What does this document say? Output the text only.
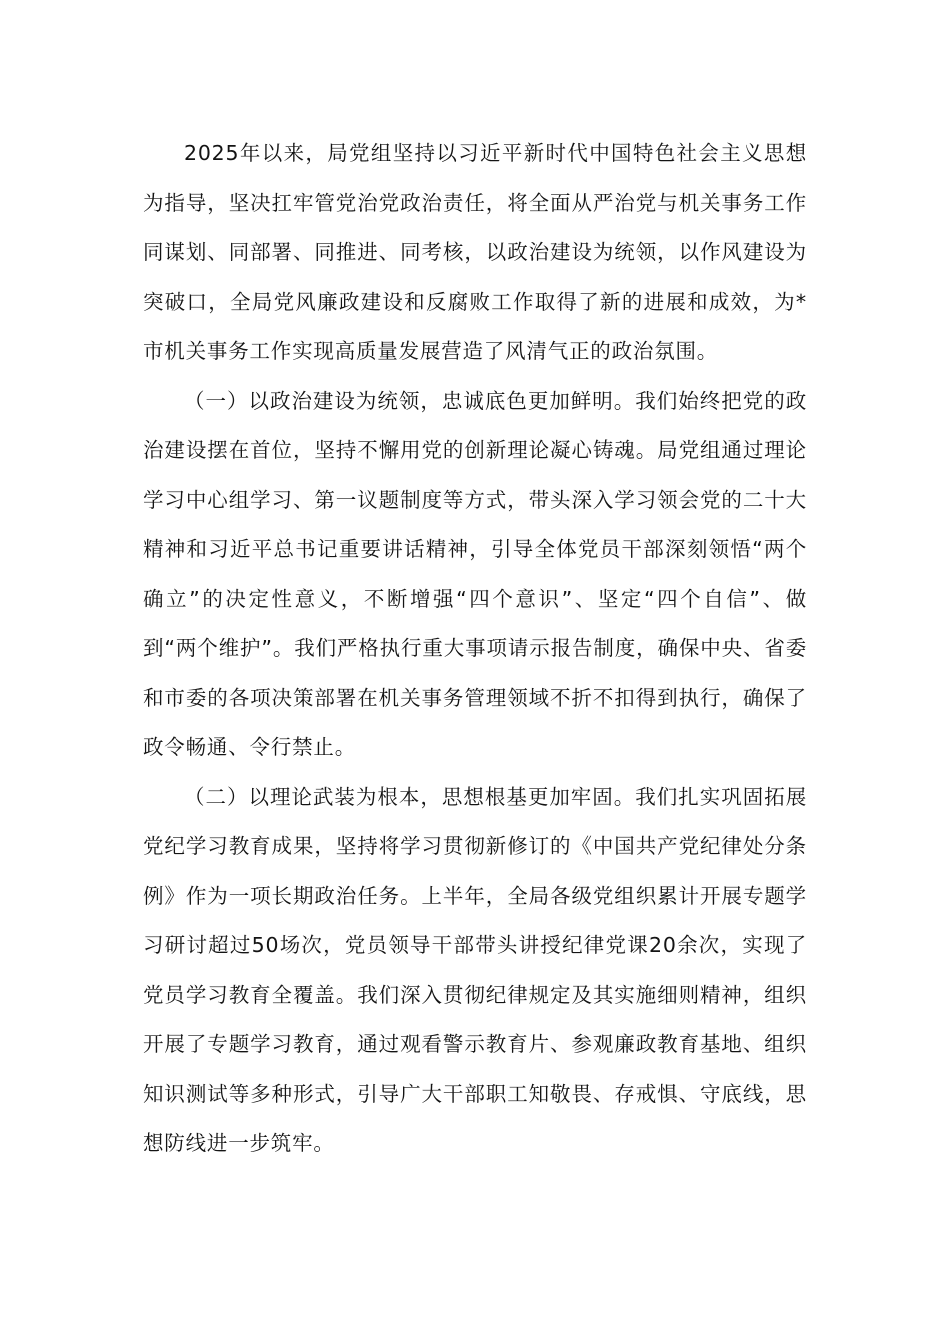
2025年以来，局党组坚持以习近平新时代中国特色社会主义思想为指导，坚决扛牢管党治党政治责任，将全面从严治党与机关事务工作同谋划、同部署、同推进、同考核，以政治建设为统领，以作风建设为突破口，全局党风廉政建设和反腐败工作取得了新的进展和成效，为*市机关事务工作实现高质量发展营造了风清气正的政治氛围。

（一）以政治建设为统领，忠诚底色更加鲜明。我们始终把党的政治建设摆在首位，坚持不懈用党的创新理论凝心铸魂。局党组通过理论学习中心组学习、第一议题制度等方式，带头深入学习领会党的二十大精神和习近平总书记重要讲话精神，引导全体党员干部深刻领悟“两个确立”的决定性意义，不断增强“四个意识”、坚定“四个自信”、做到“两个维护”。我们严格执行重大事项请示报告制度，确保中央、省委和市委的各项决策部署在机关事务管理领域不折不扣得到执行，确保了政令畅通、令行禁止。

（二）以理论武装为根本，思想根基更加牢固。我们扎实巩固拓展党纪学习教育成果，坚持将学习贯彻新修订的《中国共产党纪律处分条例》作为一项长期政治任务。上半年，全局各级党组织累计开展专题学习研讨超过50场次，党员领导干部带头讲授纪律党课20余次，实现了党员学习教育全覆盖。我们深入贯彻纪律规定及其实施细则精神，组织开展了专题学习教育，通过观看警示教育片、参观廉政教育基地、组织知识测试等多种形式，引导广大干部职工知敬畏、存戒惧、守底线，思想防线进一步筑牢。
